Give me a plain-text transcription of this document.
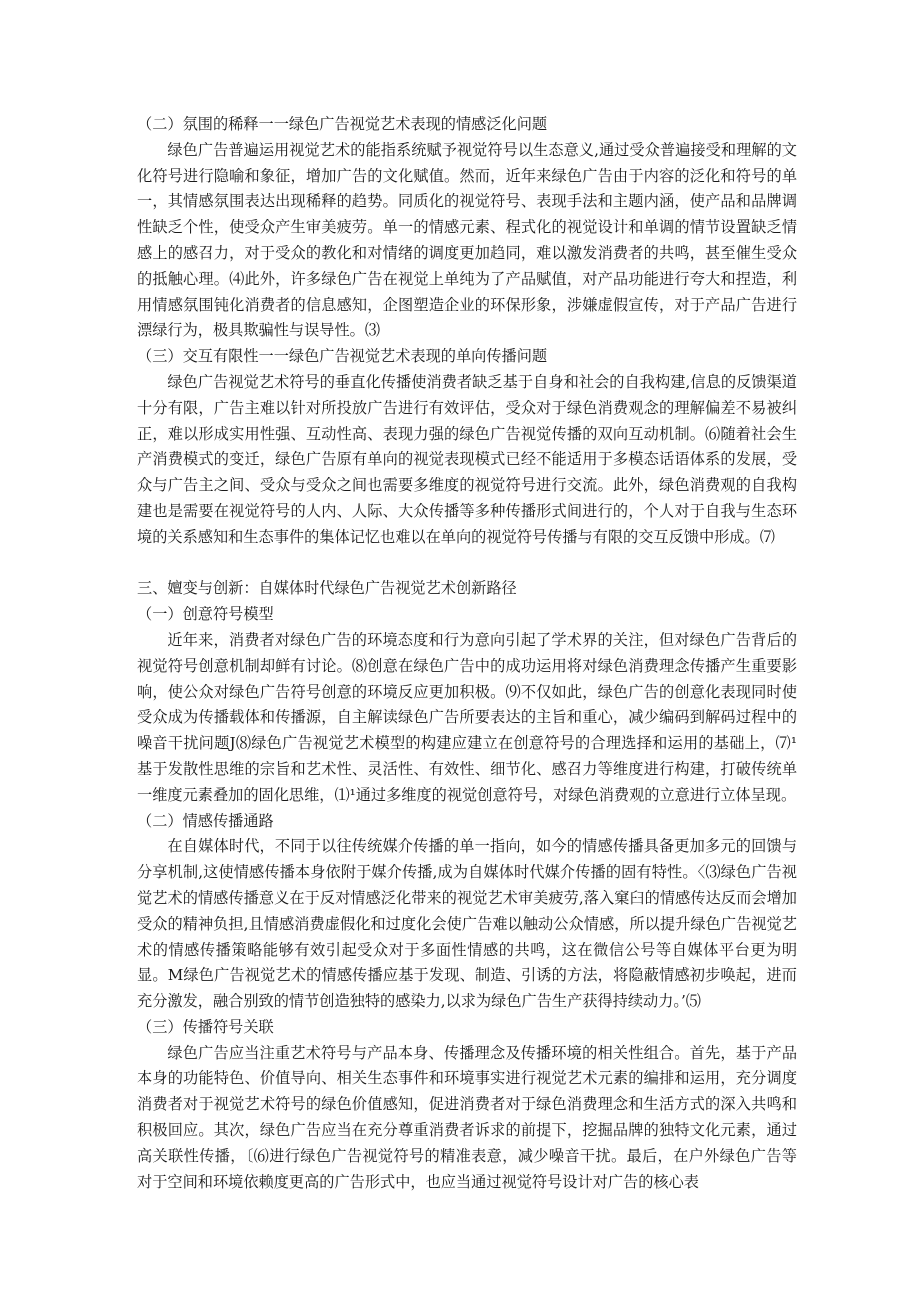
（二）氛围的稀释一一绿色广告视觉艺术表现的情感泛化问题

绿色广告普遍运用视觉艺术的能指系统赋予视觉符号以生态意义,通过受众普遍接受和理解的文化符号进行隐喻和象征，增加广告的文化赋值。然而，近年来绿色广告由于内容的泛化和符号的单一，其情感氛围表达出现稀释的趋势。同质化的视觉符号、表现手法和主题内涵，使产品和品牌调性缺乏个性，使受众产生审美疲劳。单一的情感元素、程式化的视觉设计和单调的情节设置缺乏情感上的感召力，对于受众的教化和对情绪的调度更加趋同，难以激发消费者的共鸣，甚至催生受众的抵触心理。⑷此外，许多绿色广告在视觉上单纯为了产品赋值，对产品功能进行夸大和捏造，利用情感氛围钝化消费者的信息感知，企图塑造企业的环保形象，涉嫌虚假宣传，对于产品广告进行漂绿行为，极具欺骗性与误导性。⑶

（三）交互有限性一一绿色广告视觉艺术表现的单向传播问题

绿色广告视觉艺术符号的垂直化传播使消费者缺乏基于自身和社会的自我构建,信息的反馈渠道十分有限，广告主难以针对所投放广告进行有效评估，受众对于绿色消费观念的理解偏差不易被纠正，难以形成实用性强、互动性高、表现力强的绿色广告视觉传播的双向互动机制。⑹随着社会生产消费模式的变迁，绿色广告原有单向的视觉表现模式已经不能适用于多模态话语体系的发展，受众与广告主之间、受众与受众之间也需要多维度的视觉符号进行交流。此外，绿色消费观的自我构建也是需要在视觉符号的人内、人际、大众传播等多种传播形式间进行的，个人对于自我与生态环境的关系感知和生态事件的集体记忆也难以在单向的视觉符号传播与有限的交互反馈中形成。⑺

三、嬗变与创新：自媒体时代绿色广告视觉艺术创新路径

（一）创意符号模型

近年来，消费者对绿色广告的环境态度和行为意向引起了学术界的关注，但对绿色广告背后的视觉符号创意机制却鲜有讨论。⑻创意在绿色广告中的成功运用将对绿色消费理念传播产生重要影响，使公众对绿色广告符号创意的环境反应更加积极。⑼不仅如此，绿色广告的创意化表现同时使受众成为传播载体和传播源，自主解读绿色广告所要表达的主旨和重心，减少编码到解码过程中的噪音干扰问题J⑻绿色广告视觉艺术模型的构建应建立在创意符号的合理选择和运用的基础上，⑺¹基于发散性思维的宗旨和艺术性、灵活性、有效性、细节化、感召力等维度进行构建，打破传统单一维度元素叠加的固化思维，⑴¹通过多维度的视觉创意符号，对绿色消费观的立意进行立体呈现。

（二）情感传播通路

在自媒体时代，不同于以往传统媒介传播的单一指向，如今的情感传播具备更加多元的回馈与分享机制,这使情感传播本身依附于媒介传播,成为自媒体时代媒介传播的固有特性。〈⑶绿色广告视觉艺术的情感传播意义在于反对情感泛化带来的视觉艺术审美疲劳,落入窠臼的情感传达反而会增加受众的精神负担,且情感消费虚假化和过度化会使广告难以触动公众情感，所以提升绿色广告视觉艺术的情感传播策略能够有效引起受众对于多面性情感的共鸣，这在微信公号等自媒体平台更为明显。M绿色广告视觉艺术的情感传播应基于发现、制造、引诱的方法，将隐蔽情感初步唤起，进而充分激发，融合别致的情节创造独特的感染力,以求为绿色广告生产获得持续动力。’⑸

（三）传播符号关联

绿色广告应当注重艺术符号与产品本身、传播理念及传播环境的相关性组合。首先，基于产品本身的功能特色、价值导向、相关生态事件和环境事实进行视觉艺术元素的编排和运用，充分调度消费者对于视觉艺术符号的绿色价值感知，促进消费者对于绿色消费理念和生活方式的深入共鸣和积极回应。其次，绿色广告应当在充分尊重消费者诉求的前提下，挖掘品牌的独特文化元素，通过高关联性传播，〔⑹进行绿色广告视觉符号的精准表意，减少噪音干扰。最后，在户外绿色广告等对于空间和环境依赖度更高的广告形式中，也应当通过视觉符号设计对广告的核心表
